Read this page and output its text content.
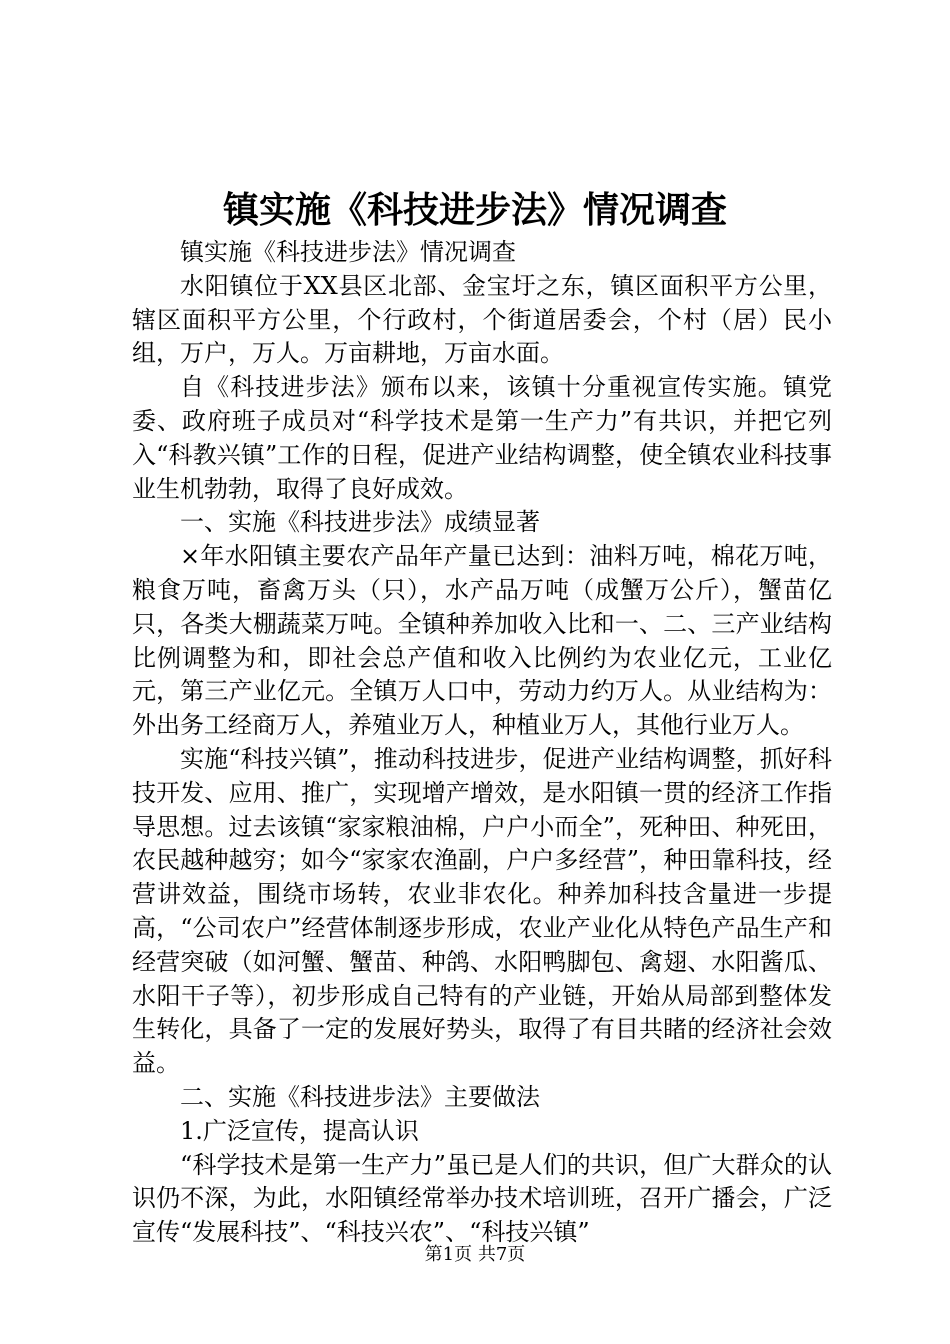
镇实施《科技进步法》情况调查

镇实施《科技进步法》情况调查

水阳镇位于XX县区北部、金宝圩之东，镇区面积平方公里，辖区面积平方公里，个行政村，个街道居委会，个村（居）民小组，万户，万人。万亩耕地，万亩水面。

自《科技进步法》颁布以来，该镇十分重视宣传实施。镇党委、政府班子成员对“科学技术是第一生产力”有共识，并把它列入“科教兴镇”工作的日程，促进产业结构调整，使全镇农业科技事业生机勃勃，取得了良好成效。

一、实施《科技进步法》成绩显著

×年水阳镇主要农产品年产量已达到：油料万吨，棉花万吨，粮食万吨，畜禽万头（只），水产品万吨（成蟹万公斤），蟹苗亿只，各类大棚蔬菜万吨。全镇种养加收入比和一、二、三产业结构比例调整为和，即社会总产值和收入比例约为农业亿元，工业亿元，第三产业亿元。全镇万人口中，劳动力约万人。从业结构为：外出务工经商万人，养殖业万人，种植业万人，其他行业万人。

实施“科技兴镇”，推动科技进步，促进产业结构调整，抓好科技开发、应用、推广，实现增产增效，是水阳镇一贯的经济工作指导思想。过去该镇“家家粮油棉，户户小而全”，死种田、种死田，农民越种越穷；如今“家家农渔副，户户多经营”，种田靠科技，经营讲效益，围绕市场转，农业非农化。种养加科技含量进一步提高，“公司农户”经营体制逐步形成，农业产业化从特色产品生产和经营突破（如河蟹、蟹苗、种鸽、水阳鸭脚包、禽翅、水阳酱瓜、水阳干子等），初步形成自己特有的产业链，开始从局部到整体发生转化，具备了一定的发展好势头，取得了有目共睹的经济社会效益。

二、实施《科技进步法》主要做法

1.广泛宣传，提高认识

“科学技术是第一生产力”虽已是人们的共识，但广大群众的认识仍不深，为此，水阳镇经常举办技术培训班，召开广播会，广泛宣传“发展科技”、“科技兴农”、“科技兴镇”

第1页 共7页
